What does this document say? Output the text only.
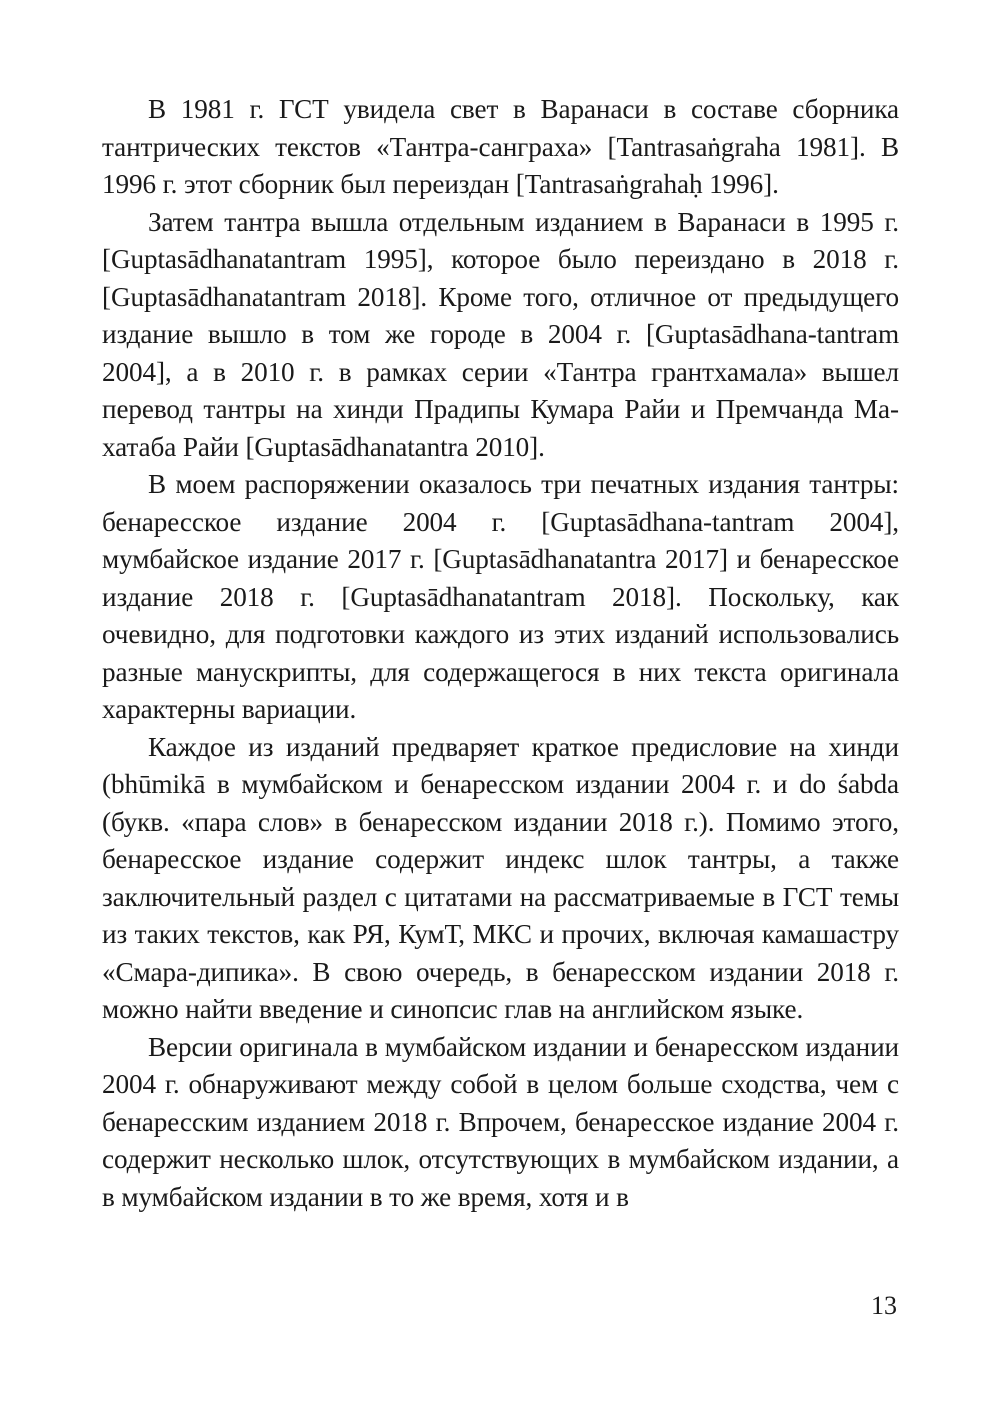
В 1981 г. ГСТ увидела свет в Варанаси в составе сборника тантрических текстов «Тантра-санграха» [Tantrasaṅgraha 1981]. В 1996 г. этот сборник был переиздан [Tantrasaṅgrahaḥ 1996].

Затем тантра вышла отдельным изданием в Варанаси в 1995 г. [Guptasādhanatantram 1995], которое было переиздано в 2018 г. [Guptasādhanatantram 2018]. Кроме того, отличное от предыдущего издание вышло в том же городе в 2004 г. [Guptasādhana-tantram 2004], а в 2010 г. в рамках серии «Тантра грантхамала» вышел перевод тантры на хинди Прадипы Кумара Райи и Премчанда Махатаба Райи [Guptasādhanatantra 2010].

В моем распоряжении оказалось три печатных издания тантры: бенаресское издание 2004 г. [Guptasādhana-tantram 2004], мумбайское издание 2017 г. [Guptasādhanatantra 2017] и бенаресское издание 2018 г. [Guptasādhanatantram 2018]. Поскольку, как очевидно, для подготовки каждого из этих изданий использовались разные манускрипты, для содержащегося в них текста оригинала характерны вариации.

Каждое из изданий предваряет краткое предисловие на хинди (bhūmikā в мумбайском и бенаресском издании 2004 г. и do śabda (букв. «пара слов» в бенаресском издании 2018 г.). Помимо этого, бенаресское издание содержит индекс шлок тантры, а также заключительный раздел с цитатами на рассматриваемые в ГСТ темы из таких текстов, как РЯ, КумТ, МКС и прочих, включая камашастру «Смара-дипика». В свою очередь, в бенаресском издании 2018 г. можно найти введение и синопсис глав на английском языке.

Версии оригинала в мумбайском издании и бенаресском издании 2004 г. обнаруживают между собой в целом больше сходства, чем с бенаресским изданием 2018 г. Впрочем, бенаресское издание 2004 г. содержит несколько шлок, отсутствующих в мумбайском издании, а в мумбайском издании в то же время, хотя и в

13
